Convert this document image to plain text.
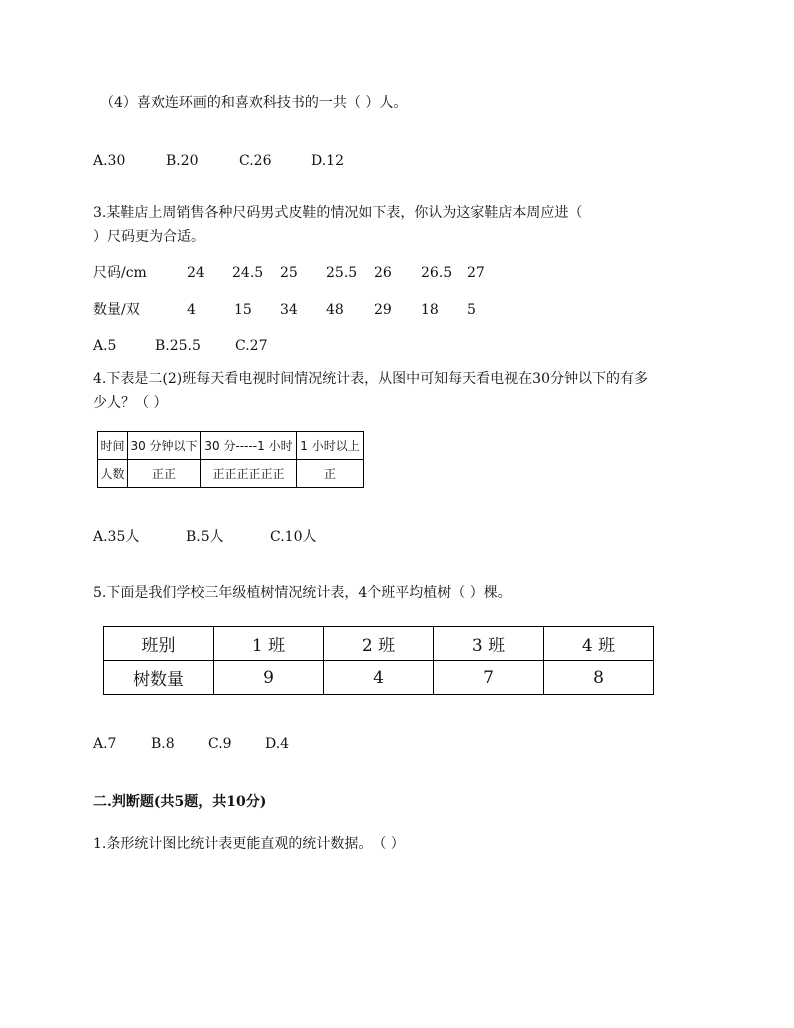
（4）喜欢连环画的和喜欢科技书的一共（ ）人。
A.30	B.20	C.26	D.12
3.某鞋店上周销售各种尺码男式皮鞋的情况如下表，你认为这家鞋店本周应进（
）尺码更为合适。
尺码/cm	24 24.5 25 25.5 26 26.5 27
数量/双	4	15 34 48 29 18 5
A.5	B.25.5 C.27
4.下表是二(2)班每天看电视时间情况统计表，从图中可知每天看电视在30分钟以下的有多
少人？（ ）
时间	30 分钟以下	30 分-----1 小时	1 小时以上
人数	正正	正正正正正正	正
A.35人	B.5人	C.10人
5.下面是我们学校三年级植树情况统计表，4个班平均植树（ ）棵。
班别	1 班	2 班	3 班	4 班
树数量	9	4	7	8
A.7 B.8 C.9 D.4
二.判断题(共5题，共10分)
1.条形统计图比统计表更能直观的统计数据。　（ ）
